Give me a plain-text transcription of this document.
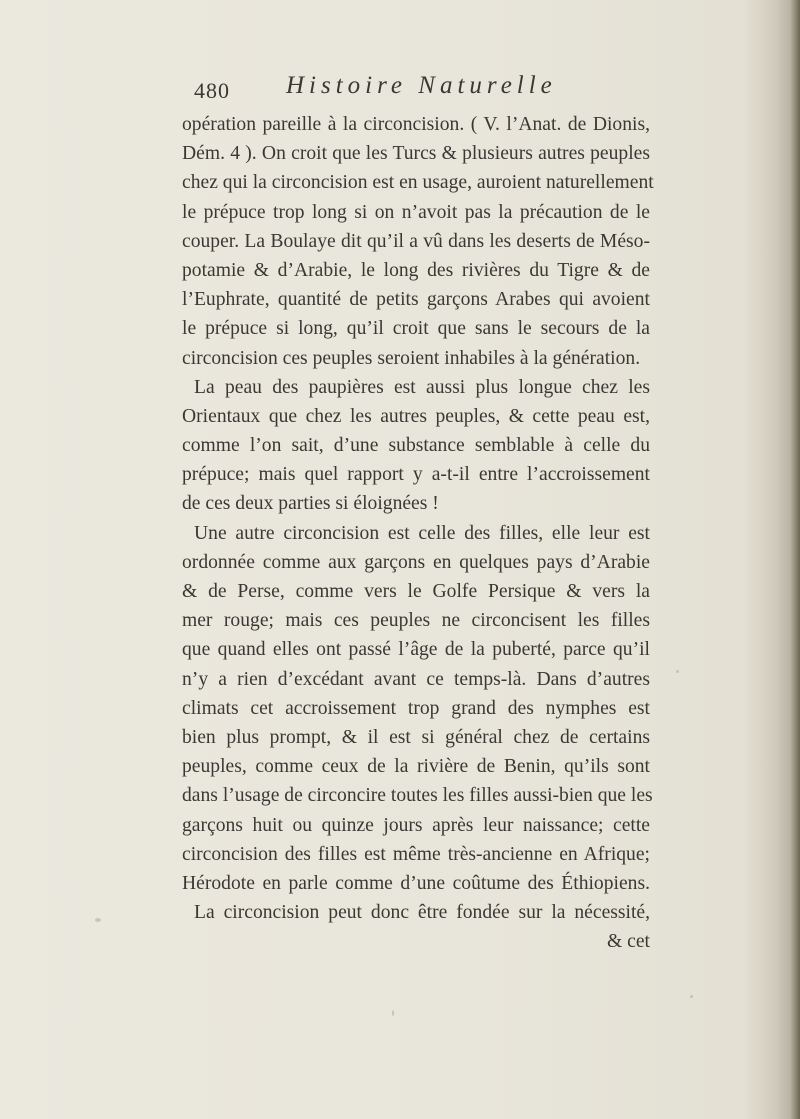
480 Histoire Naturelle
opération pareille à la circoncision. ( V. l’Anat. de Dionis,
Dém. 4 ). On croit que les Turcs & plusieurs autres peuples
chez qui la circoncision est en usage, auroient naturellement
le prépuce trop long si on n’avoit pas la précaution de le
couper. La Boulaye dit qu’il a vû dans les deserts de Méso-
potamie & d’Arabie, le long des rivières du Tigre & de
l’Euphrate, quantité de petits garçons Arabes qui avoient
le prépuce si long, qu’il croit que sans le secours de la
circoncision ces peuples seroient inhabiles à la génération.
La peau des paupières est aussi plus longue chez les
Orientaux que chez les autres peuples, & cette peau est,
comme l’on sait, d’une substance semblable à celle du
prépuce; mais quel rapport y a-t-il entre l’accroissement
de ces deux parties si éloignées !
Une autre circoncision est celle des filles, elle leur est
ordonnée comme aux garçons en quelques pays d’Arabie
& de Perse, comme vers le Golfe Persique & vers la
mer rouge; mais ces peuples ne circoncisent les filles
que quand elles ont passé l’âge de la puberté, parce qu’il
n’y a rien d’excédant avant ce temps-là. Dans d’autres
climats cet accroissement trop grand des nymphes est
bien plus prompt, & il est si général chez de certains
peuples, comme ceux de la rivière de Benin, qu’ils sont
dans l’usage de circoncire toutes les filles aussi-bien que les
garçons huit ou quinze jours après leur naissance; cette
circoncision des filles est même très-ancienne en Afrique;
Hérodote en parle comme d’une coûtume des Éthiopiens.
La circoncision peut donc être fondée sur la nécessité,
& cet
